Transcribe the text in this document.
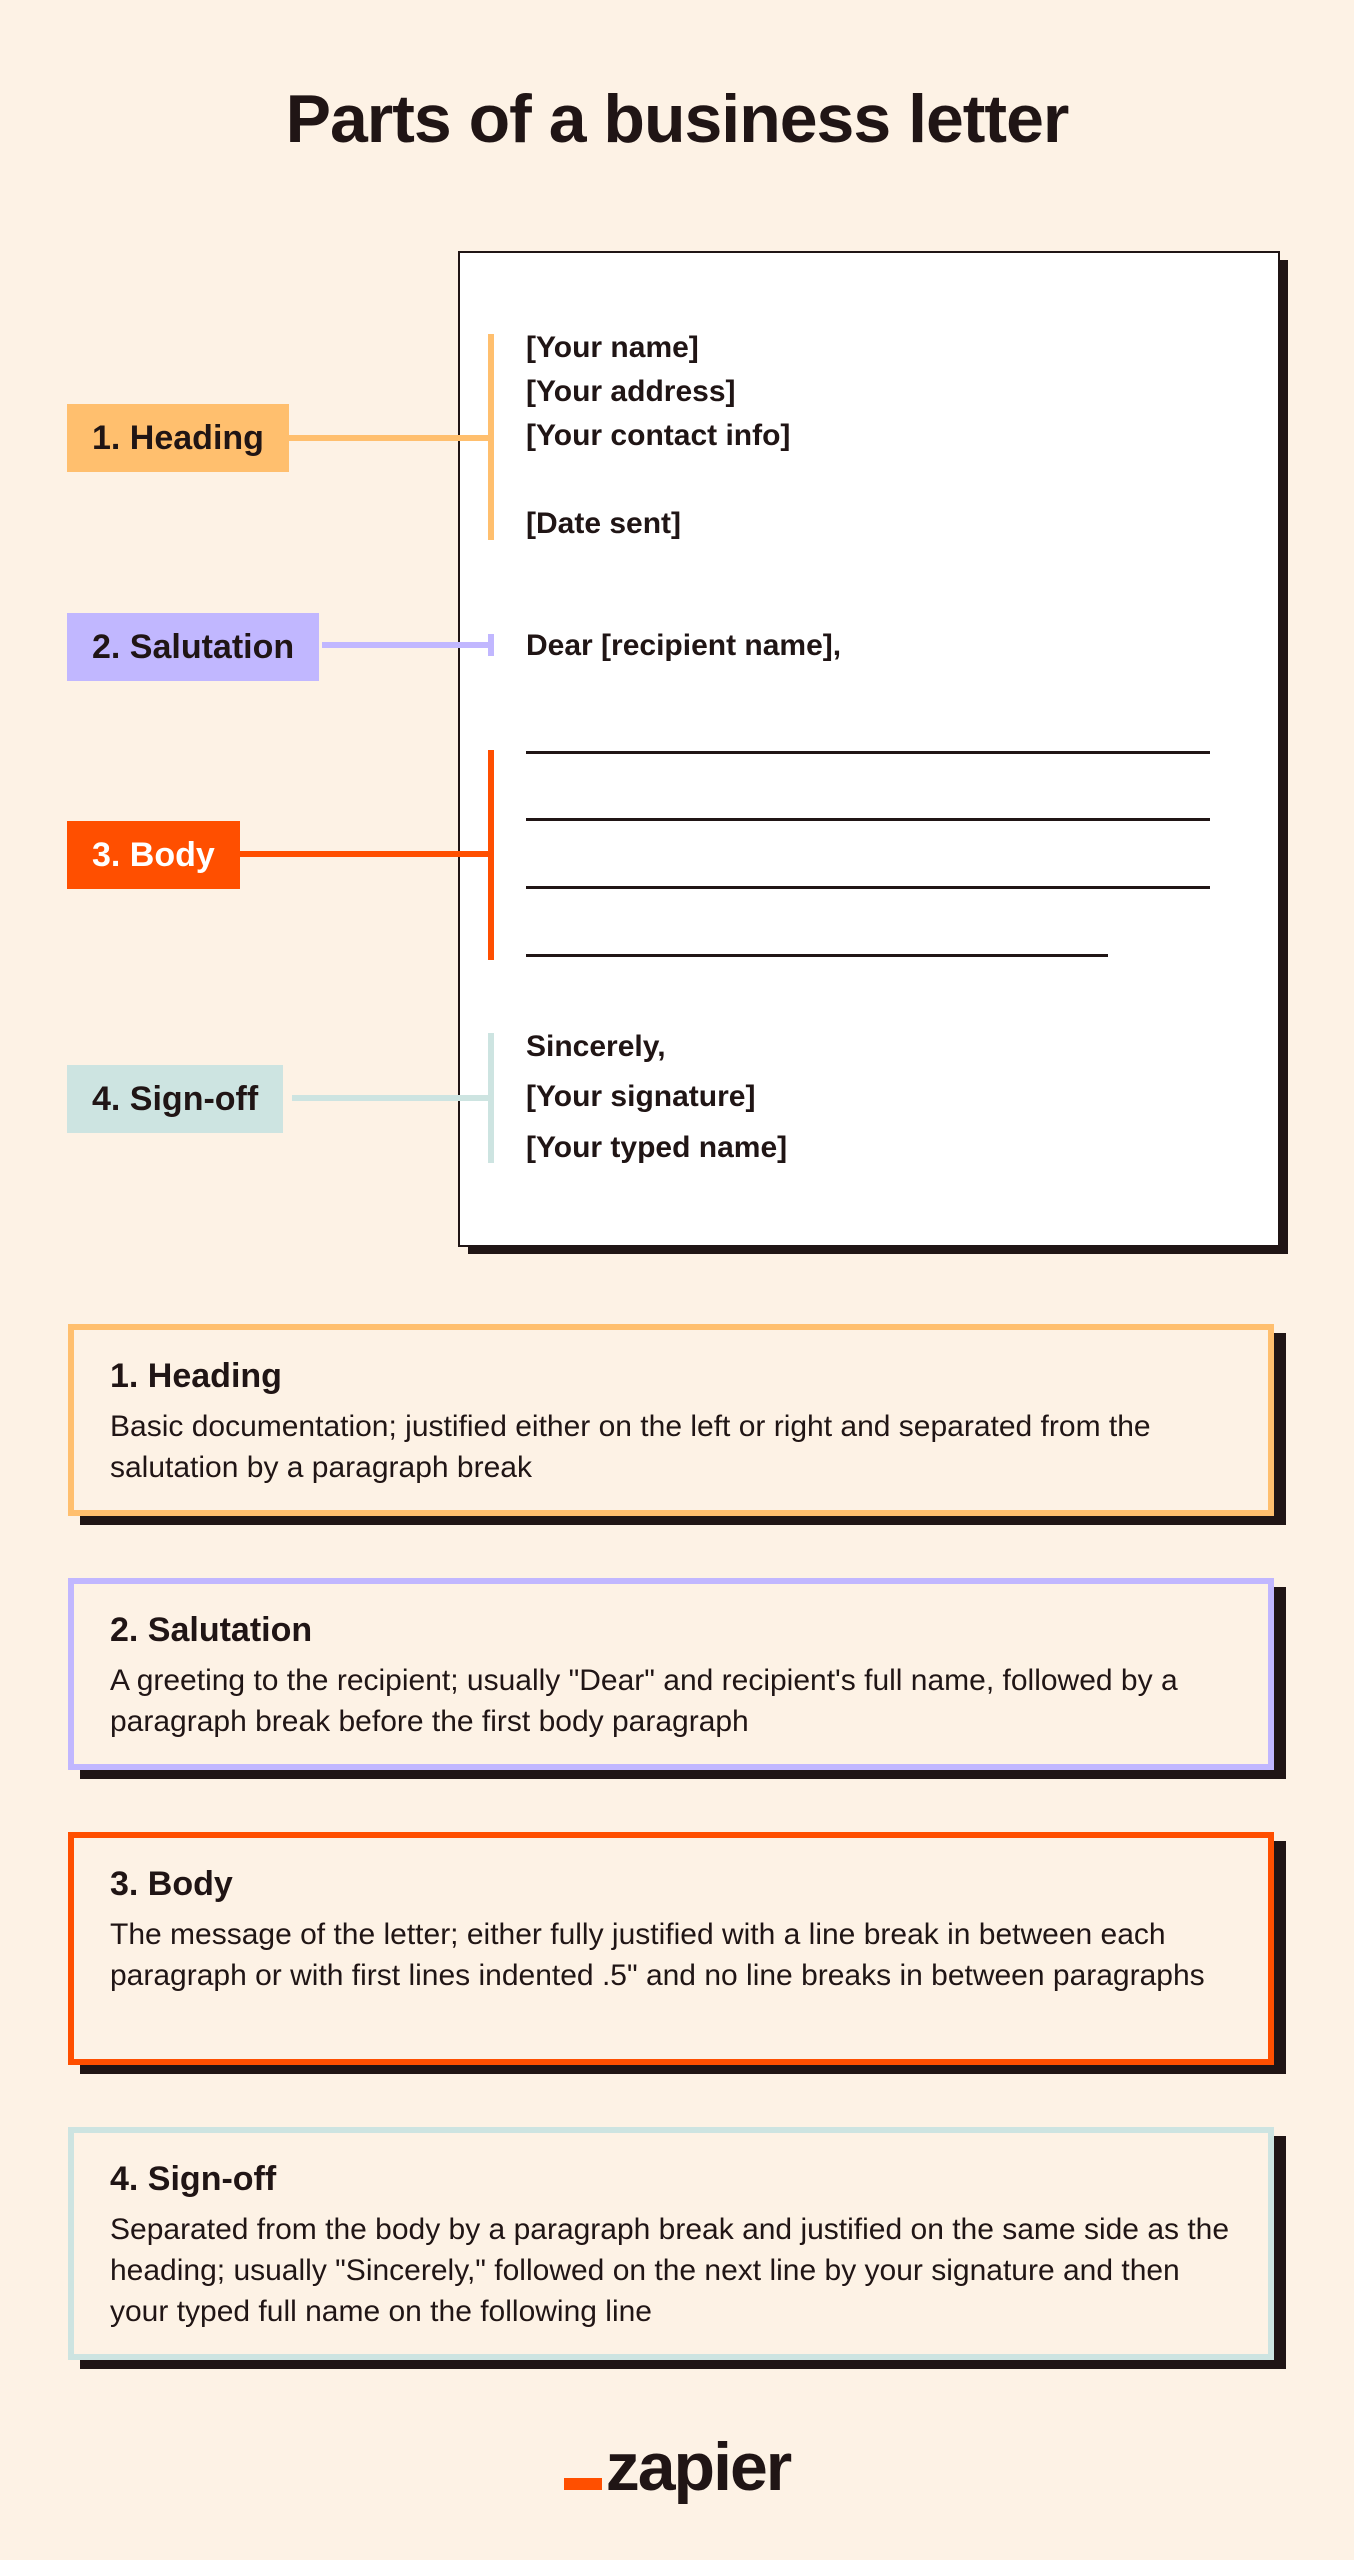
Parts of a business letter
[Your name]
[Your address]
[Your contact info]
[Date sent]
Dear [recipient name],
Sincerely,
[Your signature]
[Your typed name]
1. Heading
2. Salutation
3. Body
4. Sign-off
1. Heading

Basic documentation; justified either on the left or right and separated from the salutation by a paragraph break

2. Salutation

A greeting to the recipient; usually "Dear" and recipient's full name, followed by a paragraph break before the first body paragraph

3. Body

The message of the letter; either fully justified with a line break in between each paragraph or with first lines indented .5" and no line breaks in between paragraphs

4. Sign-off

Separated from the body by a paragraph break and justified on the same side as the heading; usually "Sincerely," followed on the next line by your signature and then your typed full name on the following line

zapier
